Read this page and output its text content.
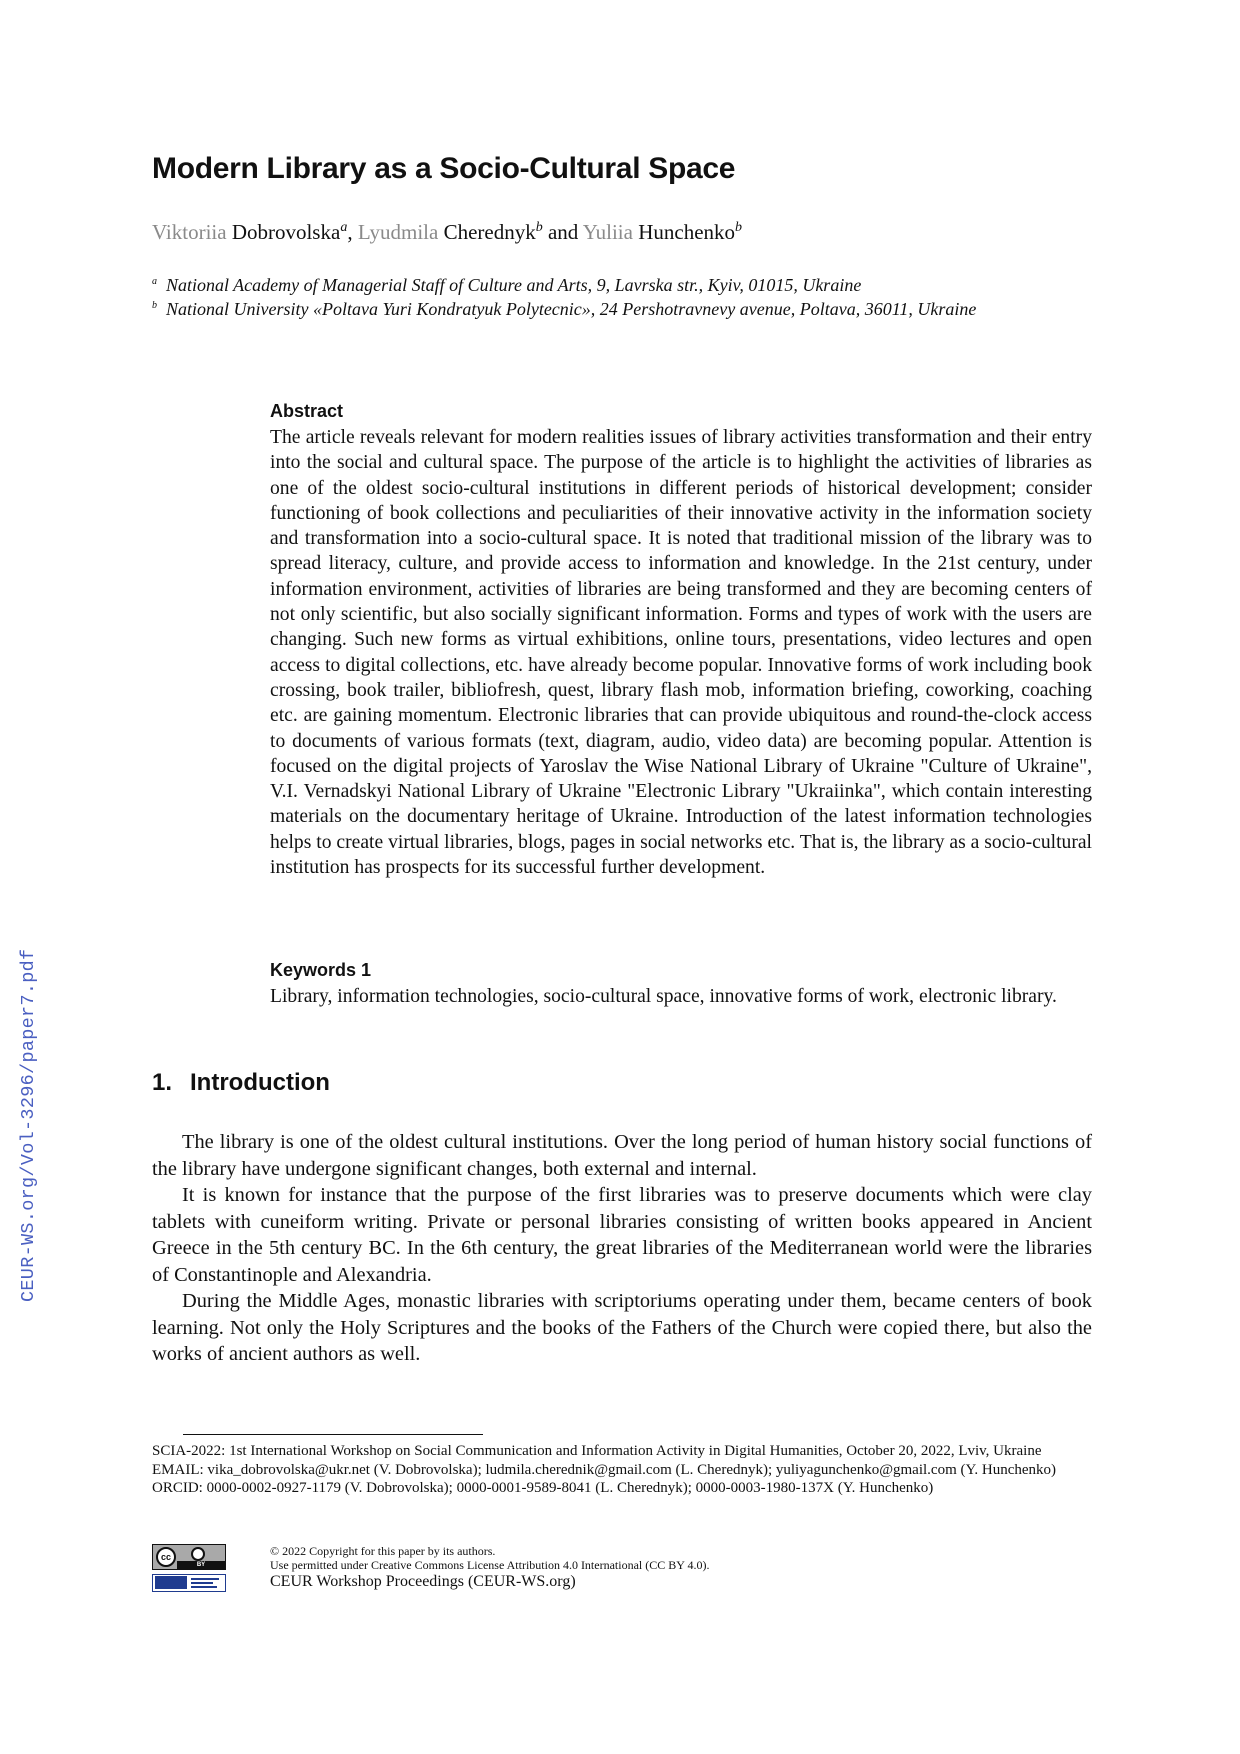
CEUR-WS.org/Vol-3296/paper7.pdf
Modern Library as a Socio-Cultural Space
Viktoriia Dobrovolska$^a$, Lyudmila Cherednyk$^b$ and Yuliia Hunchenko$^b$
a National Academy of Managerial Staff of Culture and Arts, 9, Lavrska str., Kyiv, 01015, Ukraine
b National University «Poltava Yuri Kondratyuk Polytecnic», 24 Pershotravnevy avenue, Poltava, 36011, Ukraine
Abstract

The article reveals relevant for modern realities issues of library activities transformation and their entry into the social and cultural space. The purpose of the article is to highlight the activities of libraries as one of the oldest socio-cultural institutions in different periods of historical development; consider functioning of book collections and peculiarities of their innovative activity in the information society and transformation into a socio-cultural space. It is noted that traditional mission of the library was to spread literacy, culture, and provide access to information and knowledge. In the 21st century, under information environment, activities of libraries are being transformed and they are becoming centers of not only scientific, but also socially significant information. Forms and types of work with the users are changing. Such new forms as virtual exhibitions, online tours, presentations, video lectures and open access to digital collections, etc. have already become popular. Innovative forms of work including book crossing, book trailer, bibliofresh, quest, library flash mob, information briefing, coworking, coaching etc. are gaining momentum. Electronic libraries that can provide ubiquitous and round-the-clock access to documents of various formats (text, diagram, audio, video data) are becoming popular. Attention is focused on the digital projects of Yaroslav the Wise National Library of Ukraine "Culture of Ukraine", V.I. Vernadskyi National Library of Ukraine "Electronic Library "Ukraiinka", which contain interesting materials on the documentary heritage of Ukraine. Introduction of the latest information technologies helps to create virtual libraries, blogs, pages in social networks etc. That is, the library as a socio-cultural institution has prospects for its successful further development.

Keywords 1

Library, information technologies, socio-cultural space, innovative forms of work, electronic library.

1. Introduction

The library is one of the oldest cultural institutions. Over the long period of human history social functions of the library have undergone significant changes, both external and internal.

It is known for instance that the purpose of the first libraries was to preserve documents which were clay tablets with cuneiform writing. Private or personal libraries consisting of written books appeared in Ancient Greece in the 5th century BC. In the 6th century, the great libraries of the Mediterranean world were the libraries of Constantinople and Alexandria.

During the Middle Ages, monastic libraries with scriptoriums operating under them, became centers of book learning. Not only the Holy Scriptures and the books of the Fathers of the Church were copied there, but also the works of ancient authors as well.

SCIA-2022: 1st International Workshop on Social Communication and Information Activity in Digital Humanities, October 20, 2022, Lviv, Ukraine

EMAIL: vika_dobrovolska@ukr.net (V. Dobrovolska); ludmila.cherednik@gmail.com (L. Cherednyk); yuliyagunchenko@gmail.com (Y. Hunchenko)

ORCID: 0000-0002-0927-1179 (V. Dobrovolska); 0000-0001-9589-8041 (L. Cherednyk); 0000-0003-1980-137X (Y. Hunchenko)

cc
BY
© 2022 Copyright for this paper by its authors.
Use permitted under Creative Commons License Attribution 4.0 International (CC BY 4.0).
CEUR Workshop Proceedings (CEUR-WS.org)
